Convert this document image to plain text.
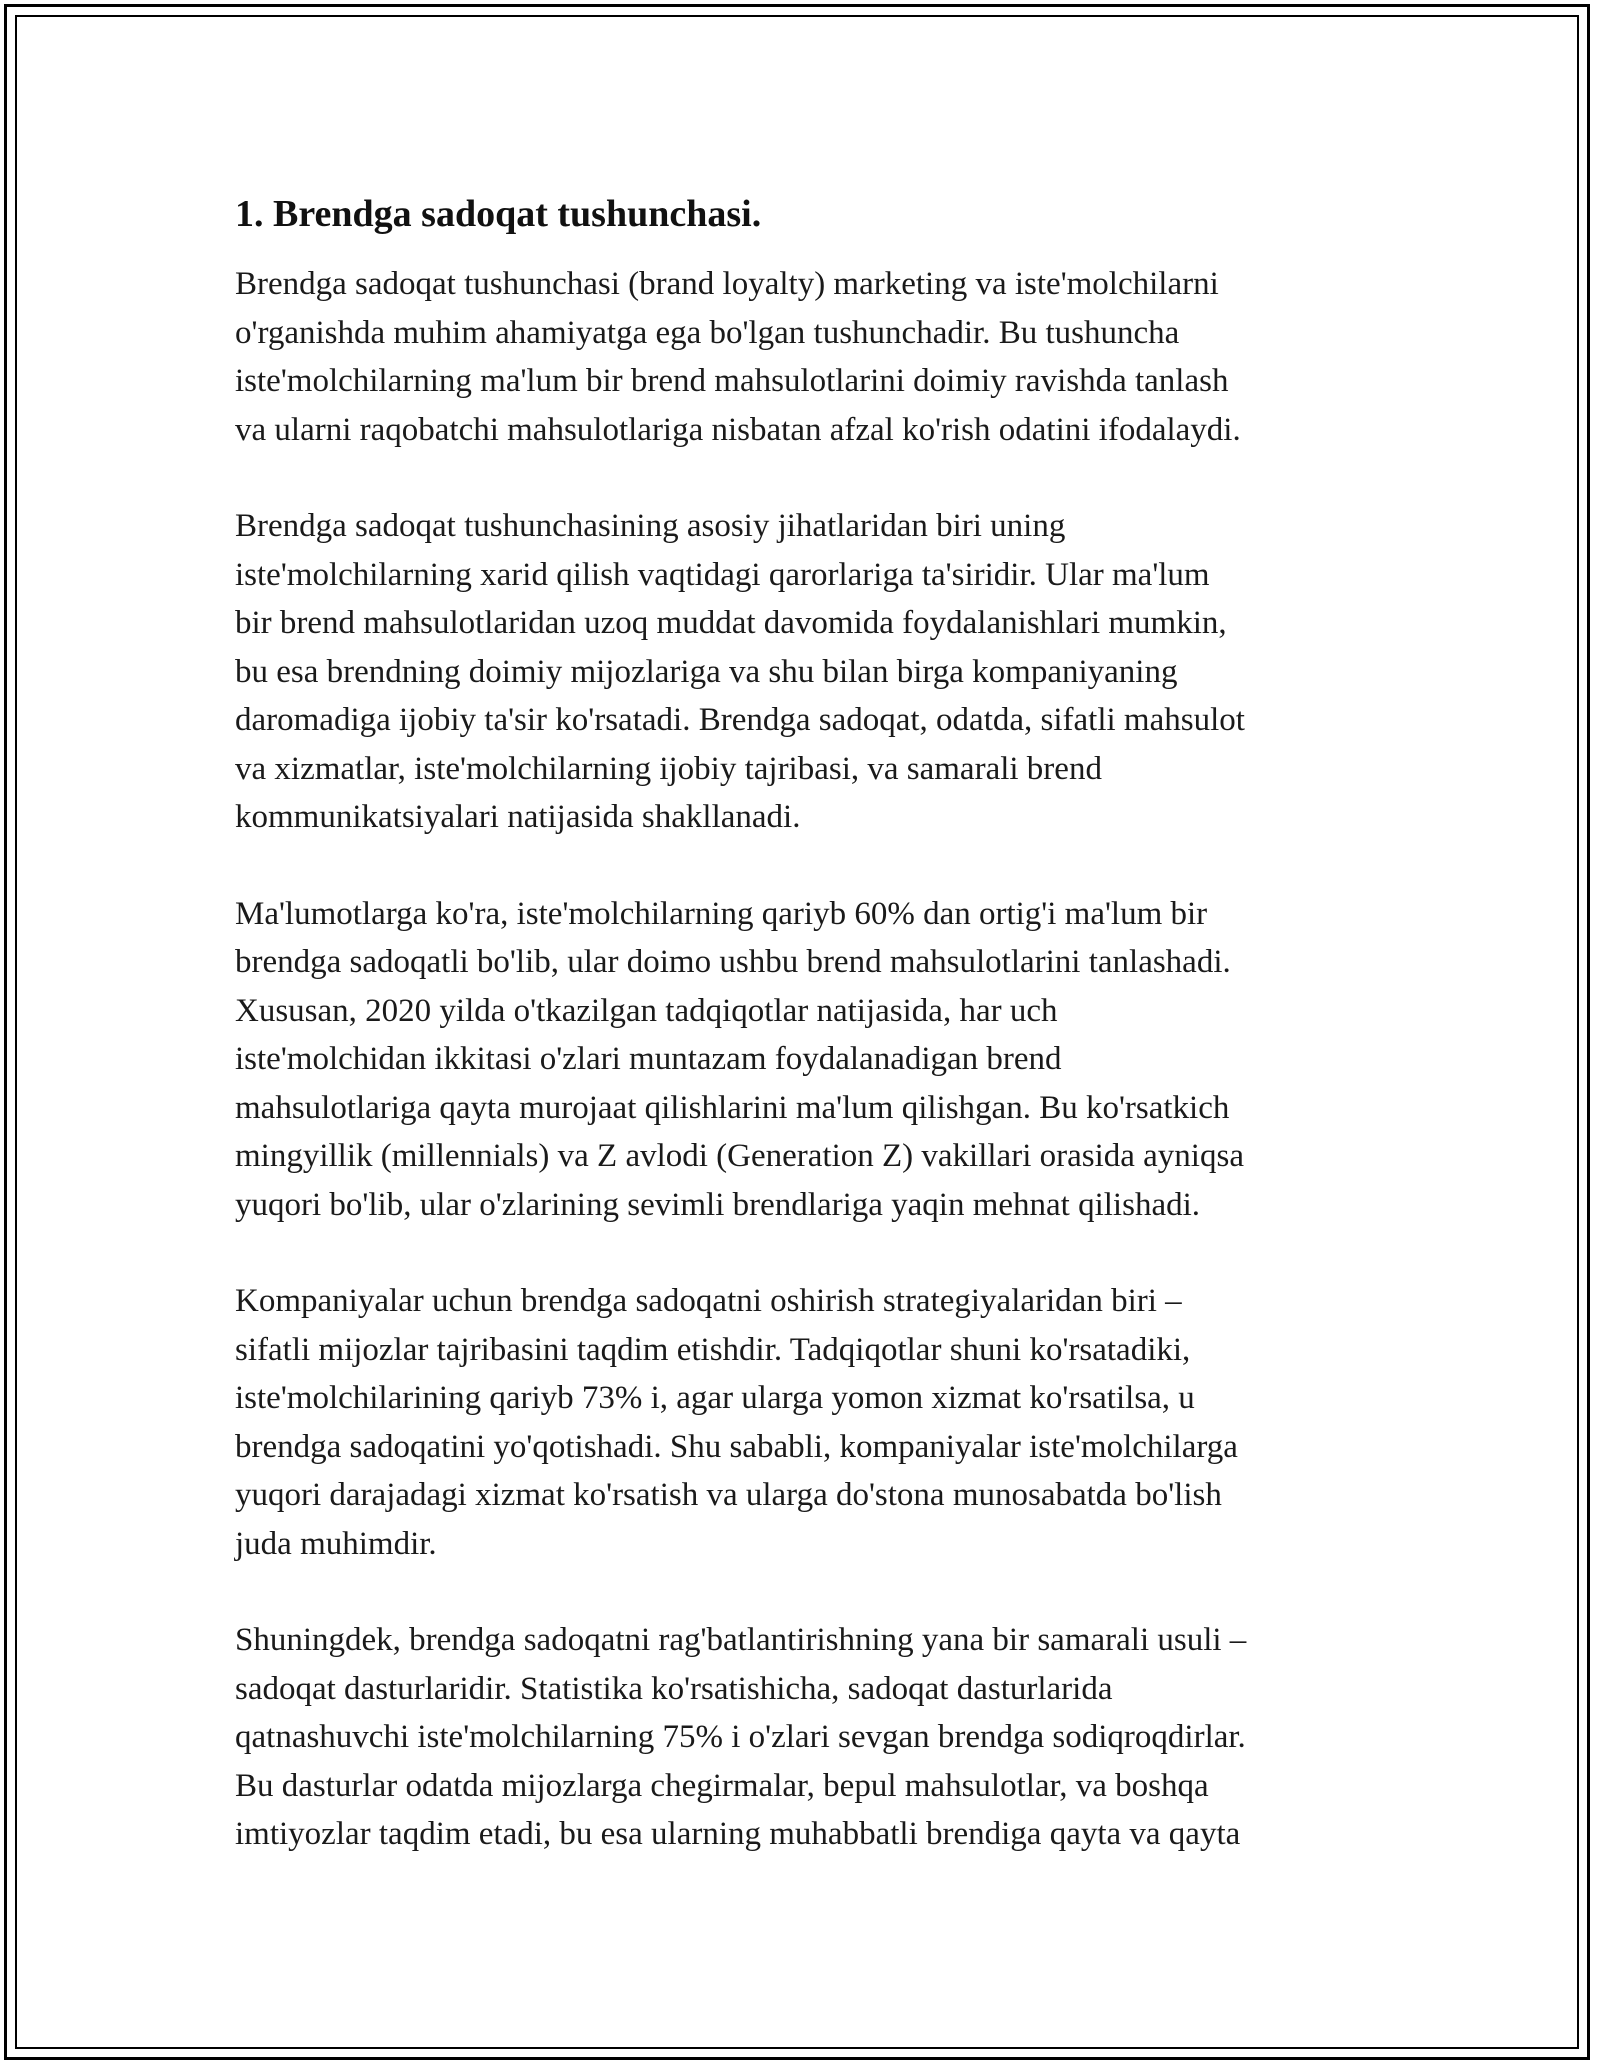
1. Brendga sadoqat tushunchasi.

Brendga sadoqat tushunchasi (brand loyalty) marketing va iste'molchilarni
o'rganishda muhim ahamiyatga ega bo'lgan tushunchadir. Bu tushuncha
iste'molchilarning ma'lum bir brend mahsulotlarini doimiy ravishda tanlash
va ularni raqobatchi mahsulotlariga nisbatan afzal ko'rish odatini ifodalaydi.

Brendga sadoqat tushunchasining asosiy jihatlaridan biri uning
iste'molchilarning xarid qilish vaqtidagi qarorlariga ta'siridir. Ular ma'lum
bir brend mahsulotlaridan uzoq muddat davomida foydalanishlari mumkin,
bu esa brendning doimiy mijozlariga va shu bilan birga kompaniyaning
daromadiga ijobiy ta'sir ko'rsatadi. Brendga sadoqat, odatda, sifatli mahsulot
va xizmatlar, iste'molchilarning ijobiy tajribasi, va samarali brend
kommunikatsiyalari natijasida shakllanadi.

Ma'lumotlarga ko'ra, iste'molchilarning qariyb 60% dan ortig'i ma'lum bir
brendga sadoqatli bo'lib, ular doimo ushbu brend mahsulotlarini tanlashadi.
Xususan, 2020 yilda o'tkazilgan tadqiqotlar natijasida, har uch
iste'molchidan ikkitasi o'zlari muntazam foydalanadigan brend
mahsulotlariga qayta murojaat qilishlarini ma'lum qilishgan. Bu ko'rsatkich
mingyillik (millennials) va Z avlodi (Generation Z) vakillari orasida ayniqsa
yuqori bo'lib, ular o'zlarining sevimli brendlariga yaqin mehnat qilishadi.

Kompaniyalar uchun brendga sadoqatni oshirish strategiyalaridan biri –
sifatli mijozlar tajribasini taqdim etishdir. Tadqiqotlar shuni ko'rsatadiki,
iste'molchilarining qariyb 73% i, agar ularga yomon xizmat ko'rsatilsa, u
brendga sadoqatini yo'qotishadi. Shu sababli, kompaniyalar iste'molchilarga
yuqori darajadagi xizmat ko'rsatish va ularga do'stona munosabatda bo'lish
juda muhimdir.

Shuningdek, brendga sadoqatni rag'batlantirishning yana bir samarali usuli –
sadoqat dasturlaridir. Statistika ko'rsatishicha, sadoqat dasturlarida
qatnashuvchi iste'molchilarning 75% i o'zlari sevgan brendga sodiqroqdirlar.
Bu dasturlar odatda mijozlarga chegirmalar, bepul mahsulotlar, va boshqa
imtiyozlar taqdim etadi, bu esa ularning muhabbatli brendiga qayta va qayta
